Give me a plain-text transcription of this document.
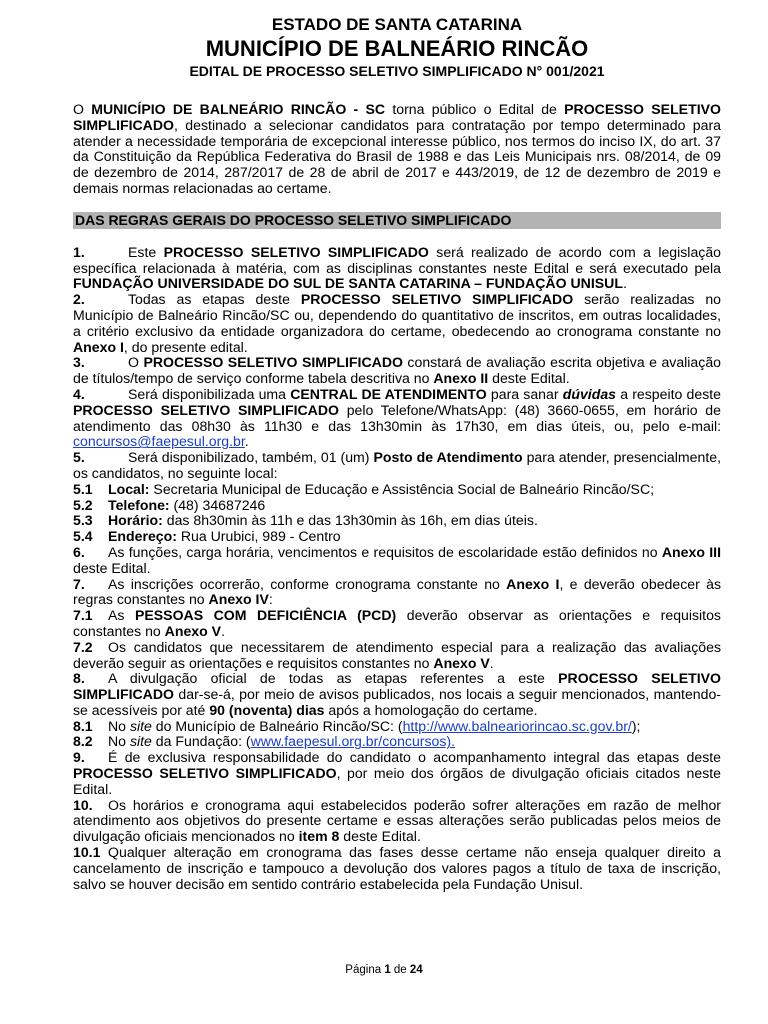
ESTADO DE SANTA CATARINA

MUNICÍPIO DE BALNEÁRIO RINCÃO

EDITAL DE PROCESSO SELETIVO SIMPLIFICADO N° 001/2021

O MUNICÍPIO DE BALNEÁRIO RINCÃO - SC torna público o Edital de PROCESSO SELETIVO SIMPLIFICADO, destinado a selecionar candidatos para contratação por tempo determinado para atender a necessidade temporária de excepcional interesse público, nos termos do inciso IX, do art. 37 da Constituição da República Federativa do Brasil de 1988 e das Leis Municipais nrs. 08/2014, de 09 de dezembro de 2014, 287/2017 de 28 de abril de 2017 e 443/2019, de 12 de dezembro de 2019 e demais normas relacionadas ao certame.

DAS REGRAS GERAIS DO PROCESSO SELETIVO SIMPLIFICADO

1.	Este PROCESSO SELETIVO SIMPLIFICADO será realizado de acordo com a legislação específica relacionada à matéria, com as disciplinas constantes neste Edital e será executado pela FUNDAÇÃO UNIVERSIDADE DO SUL DE SANTA CATARINA – FUNDAÇÃO UNISUL.

2.	Todas as etapas deste PROCESSO SELETIVO SIMPLIFICADO serão realizadas no Município de Balneário Rincão/SC ou, dependendo do quantitativo de inscritos, em outras localidades, a critério exclusivo da entidade organizadora do certame, obedecendo ao cronograma constante no Anexo I, do presente edital.

3.	O PROCESSO SELETIVO SIMPLIFICADO constará de avaliação escrita objetiva e avaliação de títulos/tempo de serviço conforme tabela descritiva no Anexo II deste Edital.

4.	Será disponibilizada uma CENTRAL DE ATENDIMENTO para sanar dúvidas a respeito deste PROCESSO SELETIVO SIMPLIFICADO pelo Telefone/WhatsApp: (48) 3660-0655, em horário de atendimento das 08h30 às 11h30 e das 13h30min às 17h30, em dias úteis, ou, pelo e-mail: concursos@faepesul.org.br.

5.	Será disponibilizado, também, 01 (um) Posto de Atendimento para atender, presencialmente, os candidatos, no seguinte local:

5.1 Local: Secretaria Municipal de Educação e Assistência Social de Balneário Rincão/SC;

5.2 Telefone: (48) 34687246

5.3 Horário: das 8h30min às 11h e das 13h30min às 16h, em dias úteis.

5.4 Endereço: Rua Urubici, 989 - Centro

6. As funções, carga horária, vencimentos e requisitos de escolaridade estão definidos no Anexo III deste Edital.

7. As inscrições ocorrerão, conforme cronograma constante no Anexo I, e deverão obedecer às regras constantes no Anexo IV:

7.1 As PESSOAS COM DEFICIÊNCIA (PCD) deverão observar as orientações e requisitos constantes no Anexo V.

7.2 Os candidatos que necessitarem de atendimento especial para a realização das avaliações deverão seguir as orientações e requisitos constantes no Anexo V.

8. A divulgação oficial de todas as etapas referentes a este PROCESSO SELETIVO SIMPLIFICADO dar-se-á, por meio de avisos publicados, nos locais a seguir mencionados, mantendo-se acessíveis por até 90 (noventa) dias após a homologação do certame.

8.1 No site do Município de Balneário Rincão/SC: (http://www.balneariorincao.sc.gov.br/);

8.2 No site da Fundação: (www.faepesul.org.br/concursos).

9. É de exclusiva responsabilidade do candidato o acompanhamento integral das etapas deste PROCESSO SELETIVO SIMPLIFICADO, por meio dos órgãos de divulgação oficiais citados neste Edital.

10. Os horários e cronograma aqui estabelecidos poderão sofrer alterações em razão de melhor atendimento aos objetivos do presente certame e essas alterações serão publicadas pelos meios de divulgação oficiais mencionados no item 8 deste Edital.

10.1 Qualquer alteração em cronograma das fases desse certame não enseja qualquer direito a cancelamento de inscrição e tampouco a devolução dos valores pagos a título de taxa de inscrição, salvo se houver decisão em sentido contrário estabelecida pela Fundação Unisul.

Página 1 de 24
